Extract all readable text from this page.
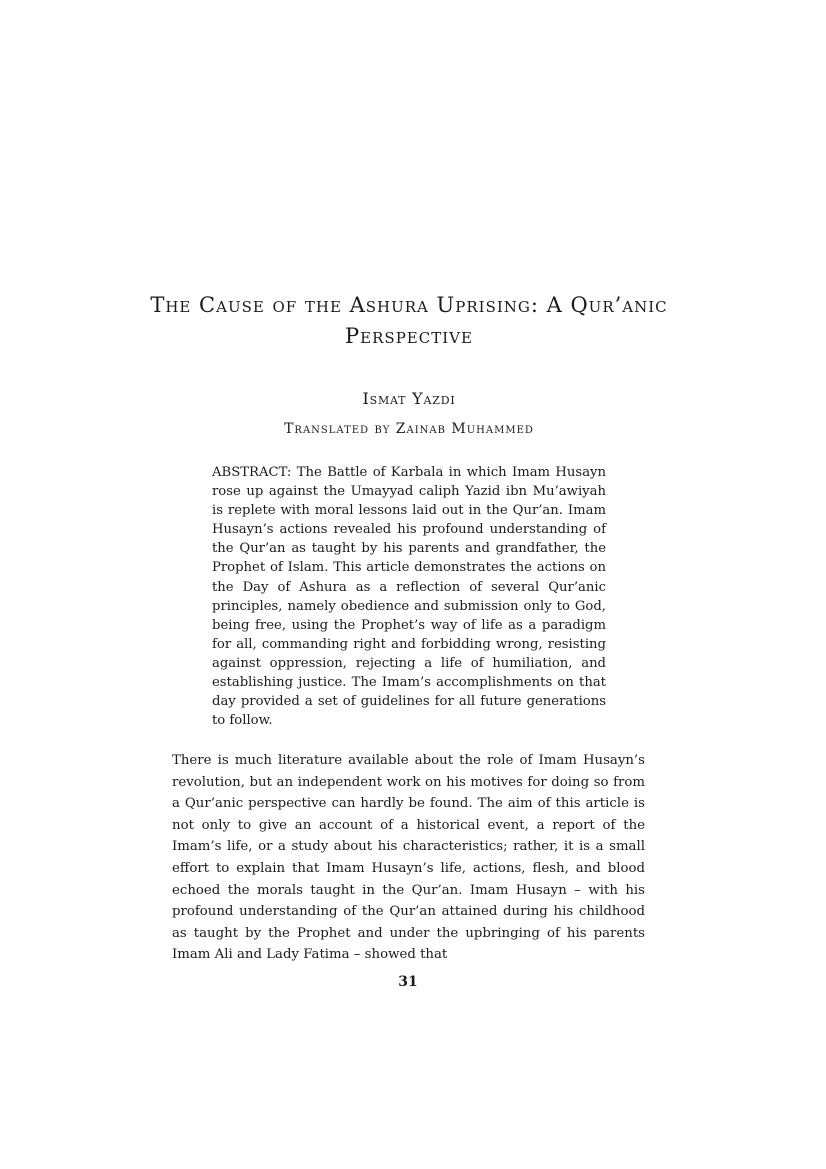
The Cause of the Ashura Uprising: A Qur’anic Perspective
Ismat Yazdi
Translated by Zainab Muhammed

ABSTRACT: The Battle of Karbala in which Imam Husayn rose up against the Umayyad caliph Yazid ibn Mu’awiyah is replete with moral lessons laid out in the Qur’an. Imam Husayn’s actions revealed his profound understanding of the Qur’an as taught by his parents and grandfather, the Prophet of Islam. This article demonstrates the actions on the Day of Ashura as a reflection of several Qur’anic principles, namely obedience and submission only to God, being free, using the Prophet’s way of life as a paradigm for all, commanding right and forbidding wrong, resisting against oppression, rejecting a life of humiliation, and establishing justice. The Imam’s accomplishments on that day provided a set of guidelines for all future generations to follow.

There is much literature available about the role of Imam Husayn’s revolution, but an independent work on his motives for doing so from a Qur’anic perspective can hardly be found. The aim of this article is not only to give an account of a historical event, a report of the Imam’s life, or a study about his characteristics; rather, it is a small effort to explain that Imam Husayn’s life, actions, flesh, and blood echoed the morals taught in the Qur’an. Imam Husayn – with his profound understanding of the Qur’an attained during his childhood as taught by the Prophet and under the upbringing of his parents Imam Ali and Lady Fatima – showed that

31
